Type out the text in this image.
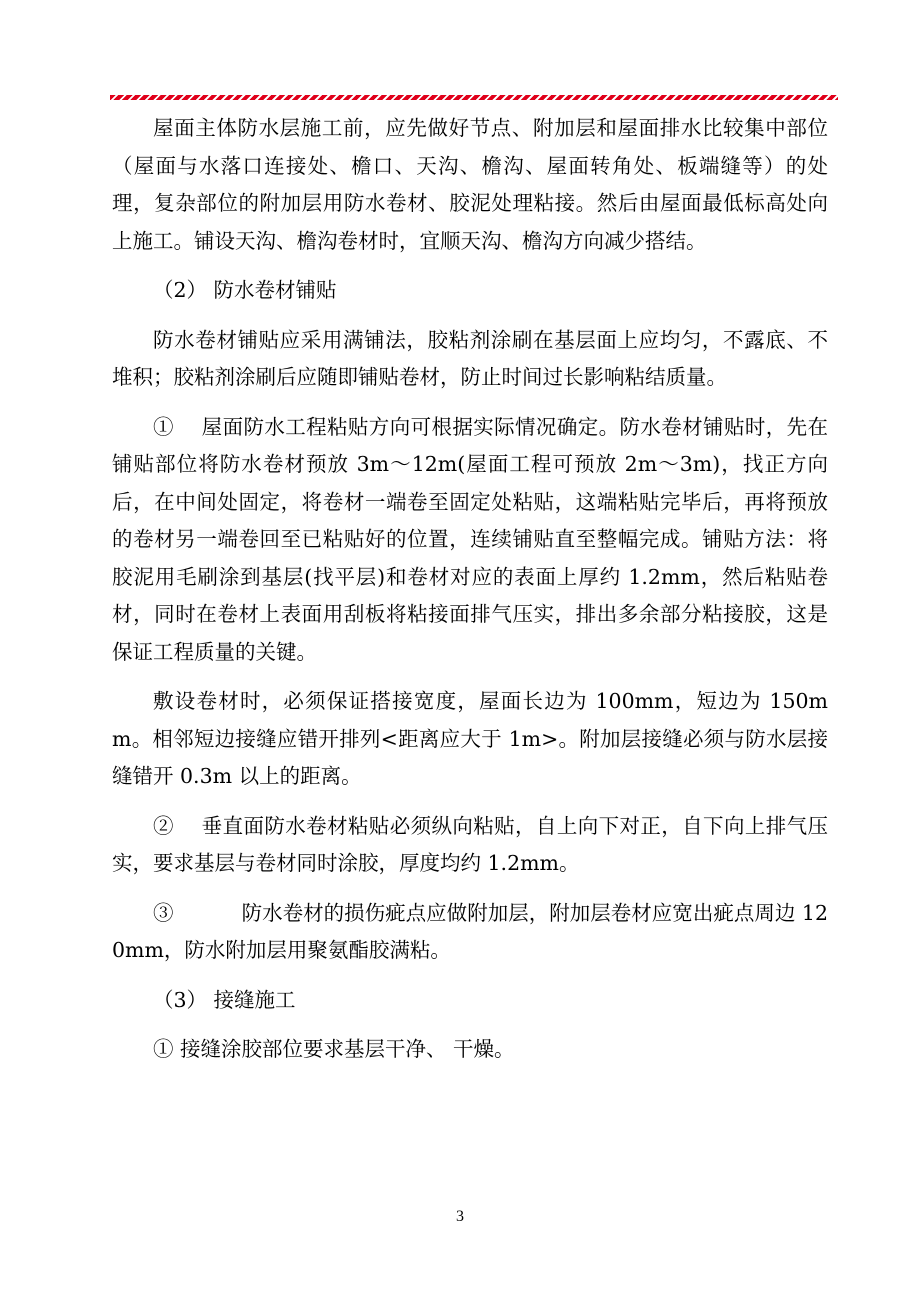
屋面主体防水层施工前，应先做好节点、附加层和屋面排水比较集中部位（屋面与水落口连接处、檐口、天沟、檐沟、屋面转角处、板端缝等）的处理，复杂部位的附加层用防水卷材、胶泥处理粘接。然后由屋面最低标高处向上施工。铺设天沟、檐沟卷材时，宜顺天沟、檐沟方向减少搭结。

（2） 防水卷材铺贴

防水卷材铺贴应采用满铺法，胶粘剂涂刷在基层面上应均匀，不露底、不堆积；胶粘剂涂刷后应随即铺贴卷材，防止时间过长影响粘结质量。

①　 屋面防水工程粘贴方向可根据实际情况确定。防水卷材铺贴时，先在铺贴部位将防水卷材预放 3m～12m(屋面工程可预放 2m～3m)，找正方向后，在中间处固定，将卷材一端卷至固定处粘贴，这端粘贴完毕后，再将预放的卷材另一端卷回至已粘贴好的位置，连续铺贴直至整幅完成。铺贴方法：将胶泥用毛刷涂到基层(找平层)和卷材对应的表面上厚约 1.2mm，然后粘贴卷材，同时在卷材上表面用刮板将粘接面排气压实，排出多余部分粘接胶，这是保证工程质量的关键。

敷设卷材时，必须保证搭接宽度，屋面长边为 100mm，短边为 150mm。相邻短边接缝应错开排列<距离应大于 1m>。附加层接缝必须与防水层接缝错开 0.3m 以上的距离。

②　 垂直面防水卷材粘贴必须纵向粘贴，自上向下对正，自下向上排气压实，要求基层与卷材同时涂胶，厚度均约 1.2mm。

③　　　 防水卷材的损伤疵点应做附加层，附加层卷材应宽出疵点周边 120mm，防水附加层用聚氨酯胶满粘。

（3） 接缝施工

① 接缝涂胶部位要求基层干净、 干燥。

3
